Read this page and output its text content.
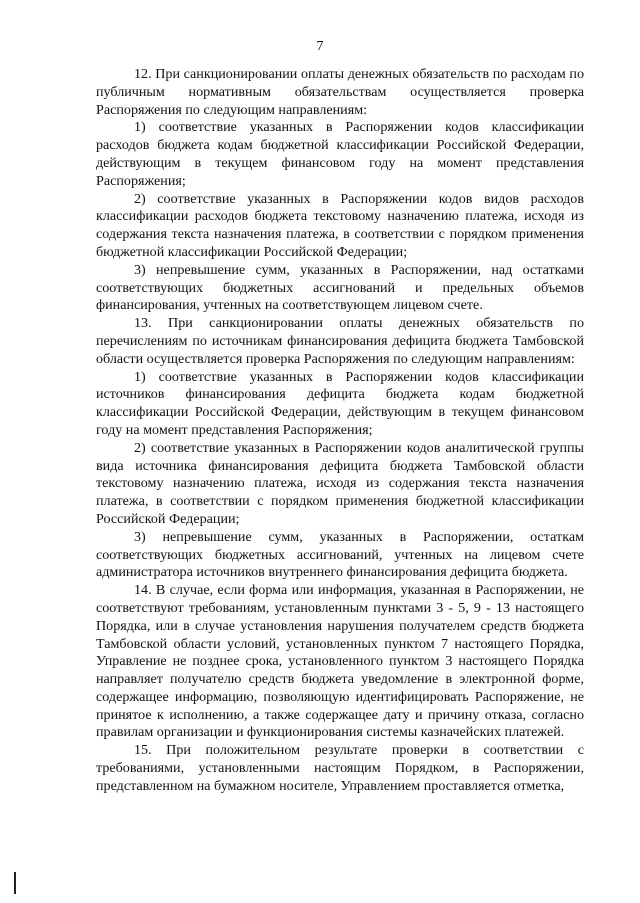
7

12. При санкционировании оплаты денежных обязательств по расходам по публичным нормативным обязательствам осуществляется проверка Распоряжения по следующим направлениям:

1) соответствие указанных в Распоряжении кодов классификации расходов бюджета кодам бюджетной классификации Российской Федерации, действующим в текущем финансовом году на момент представления Распоряжения;

2) соответствие указанных в Распоряжении кодов видов расходов классификации расходов бюджета текстовому назначению платежа, исходя из содержания текста назначения платежа, в соответствии с порядком применения бюджетной классификации Российской Федерации;

3) непревышение сумм, указанных в Распоряжении, над остатками соответствующих бюджетных ассигнований и предельных объемов финансирования, учтенных на соответствующем лицевом счете.

13. При санкционировании оплаты денежных обязательств по перечислениям по источникам финансирования дефицита бюджета Тамбовской области осуществляется проверка Распоряжения по следующим направлениям:

1) соответствие указанных в Распоряжении кодов классификации источников финансирования дефицита бюджета кодам бюджетной классификации Российской Федерации, действующим в текущем финансовом году на момент представления Распоряжения;

2) соответствие указанных в Распоряжении кодов аналитической группы вида источника финансирования дефицита бюджета Тамбовской области текстовому назначению платежа, исходя из содержания текста назначения платежа, в соответствии с порядком применения бюджетной классификации Российской Федерации;

3) непревышение сумм, указанных в Распоряжении, остаткам соответствующих бюджетных ассигнований, учтенных на лицевом счете администратора источников внутреннего финансирования дефицита бюджета.

14. В случае, если форма или информация, указанная в Распоряжении, не соответствуют требованиям, установленным пунктами 3 - 5, 9 - 13 настоящего Порядка, или в случае установления нарушения получателем средств бюджета Тамбовской области условий, установленных пунктом 7 настоящего Порядка, Управление не позднее срока, установленного пунктом 3 настоящего Порядка направляет получателю средств бюджета уведомление в электронной форме, содержащее информацию, позволяющую идентифицировать Распоряжение, не принятое к исполнению, а также содержащее дату и причину отказа, согласно правилам организации и функционирования системы казначейских платежей.

15. При положительном результате проверки в соответствии с требованиями, установленными настоящим Порядком, в Распоряжении, представленном на бумажном носителе, Управлением проставляется отметка,
